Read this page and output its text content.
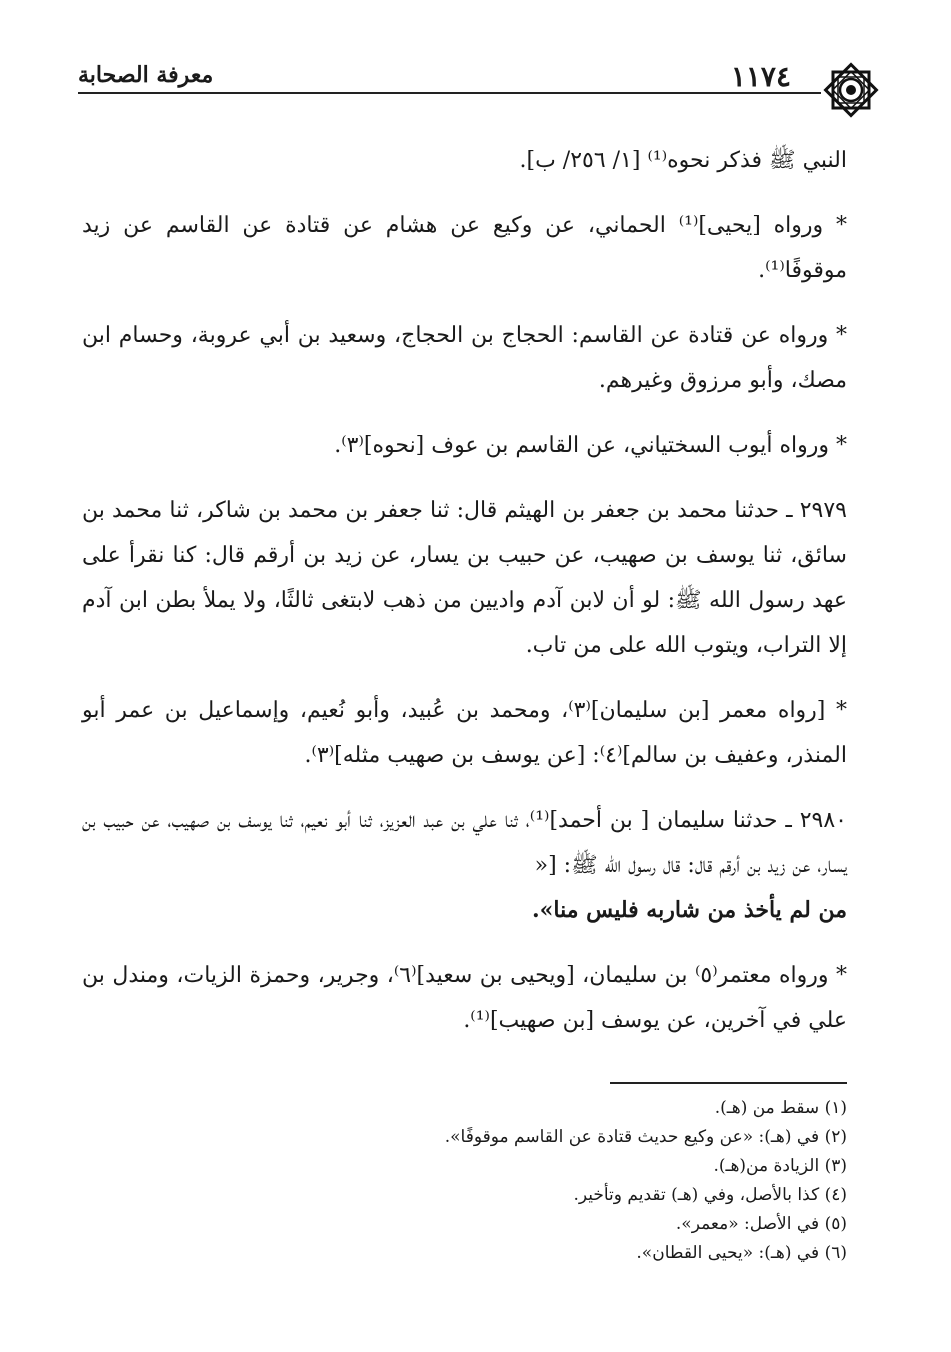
١١٧٤
معرفة الصحابة

النبي ﷺ فذكر نحوه⁽¹⁾ [١/ ٢٥٦/ ب].

* ورواه [يحيى]⁽¹⁾ الحماني، عن وكيع عن هشام عن قتادة عن القاسم عن زيد موقوفًا⁽¹⁾.

* ورواه عن قتادة عن القاسم: الحجاج بن الحجاج، وسعيد بن أبي عروبة، وحسام ابن مصك، وأبو مرزوق وغيرهم.

* ورواه أيوب السختياني، عن القاسم بن عوف [نحوه]⁽٣⁾.

٢٩٧٩ ـ حدثنا محمد بن جعفر بن الهيثم قال: ثنا جعفر بن محمد بن شاكر، ثنا محمد بن سائق، ثنا يوسف بن صهيب، عن حبيب بن يسار، عن زيد بن أرقم قال: كنا نقرأ على عهد رسول الله ﷺ: لو أن لابن آدم واديين من ذهب لابتغى ثالثًا، ولا يملأ بطن ابن آدم إلا التراب، ويتوب الله على من تاب.

* [رواه معمر [بن سليمان]⁽٣⁾، ومحمد بن عُبيد، وأبو نُعيم، وإسماعيل بن عمر أبو المنذر، وعفيف بن سالم]⁽٤⁾: [عن يوسف بن صهيب مثله]⁽٣⁾.

٢٩٨٠ ـ حدثنا سليمان [ بن أحمد]⁽¹⁾، ثنا علي بن عبد العزيز، ثنا أبو نعيم، ثنا يوسف بن صهيب، عن حبيب بن يسار، عن زيد بن أرقم قال: قال رسول الله ﷺ: [«

من لم يأخذ من شاربه فليس منا».

* ورواه معتمر⁽٥⁾ بن سليمان، [ويحيى بن سعيد]⁽٦⁾، وجرير، وحمزة الزيات، ومندل بن علي في آخرين، عن يوسف [بن صهيب]⁽¹⁾.

(١) سقط من (هـ).
(٢) في (هـ): «عن وكيع حديث قتادة عن القاسم موقوفًا».
(٣) الزيادة من(هـ).
(٤) كذا بالأصل، وفي (هـ) تقديم وتأخير.
(٥) في الأصل: «معمر».
(٦) في (هـ): «يحيى القطان».
